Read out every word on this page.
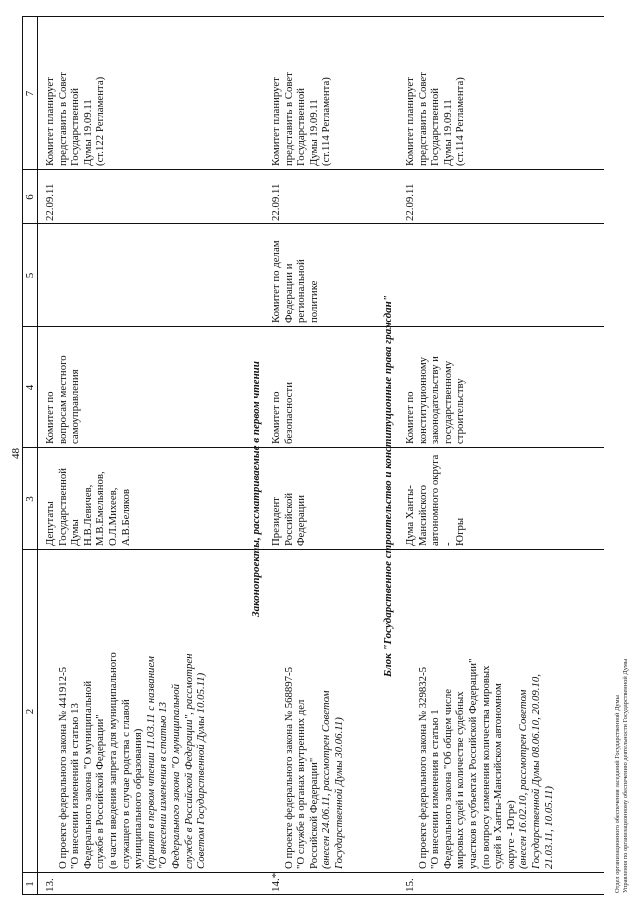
48
1
2
3
4
5
6
7
13.

О проекте федерального закона № 441912-5
"О внесении изменений в статью 13
Федерального закона "О муниципальной
службе в Российской Федерации"
(в части введения запрета для муниципального
служащего в случае родства с главой
муниципального образования)
(принят в первом чтении 11.03.11 с названием
"О внесении изменения в статью 13
Федерального закона "О муниципальной
службе в Российской Федерации", рассмотрен
Советом Государственной Думы 10.05.11)

Депутаты
Государственной
Думы
Н.В.Левичев,
М.В.Емельянов,
О.Л.Михеев,
А.В.Беляков
Комитет по
вопросам местного
самоуправления
22.09.11
Комитет планирует
представить в Совет
Государственной
Думы 19.09.11
(ст.122 Регламента)
Законопроекты, рассматриваемые в первом чтении
14.*

О проекте федерального закона № 568897-5
"О службе в органах внутренних дел
Российской Федерации"
(внесен 24.06.11, рассмотрен Советом
Государственной Думы 30.06.11)

Президент
Российской
Федерации
Комитет по
безопасности
Комитет по делам
Федерации и
региональной
политике
22.09.11
Комитет планирует
представить в Совет
Государственной
Думы 19.09.11
(ст.114 Регламента)
Блок "Государственное строительство и конституционные права граждан"
15.

О проекте федерального закона № 329832-5
"О внесении изменения в статью 1
Федерального закона "Об общем числе
мировых судей и количестве судебных
участков в субъектах Российской Федерации"
(по вопросу изменения количества мировых
судей в Ханты-Мансийском автономном
округе - Югре)
(внесен 16.02.10, рассмотрен Советом
Государственной Думы 08.06.10, 20.09.10,
21.03.11, 10.05.11)

Дума Ханты-
Мансийского
автономного округа -
Югры
Комитет по
конституционному
законодательству и
государственному
строительству
22.09.11
Комитет планирует
представить в Совет
Государственной
Думы 19.09.11
(ст.114 Регламента)
Отдел организационного обеспечения заседаний Государственной Думы Управления по организационному обеспечению деятельности Государственной Думы
